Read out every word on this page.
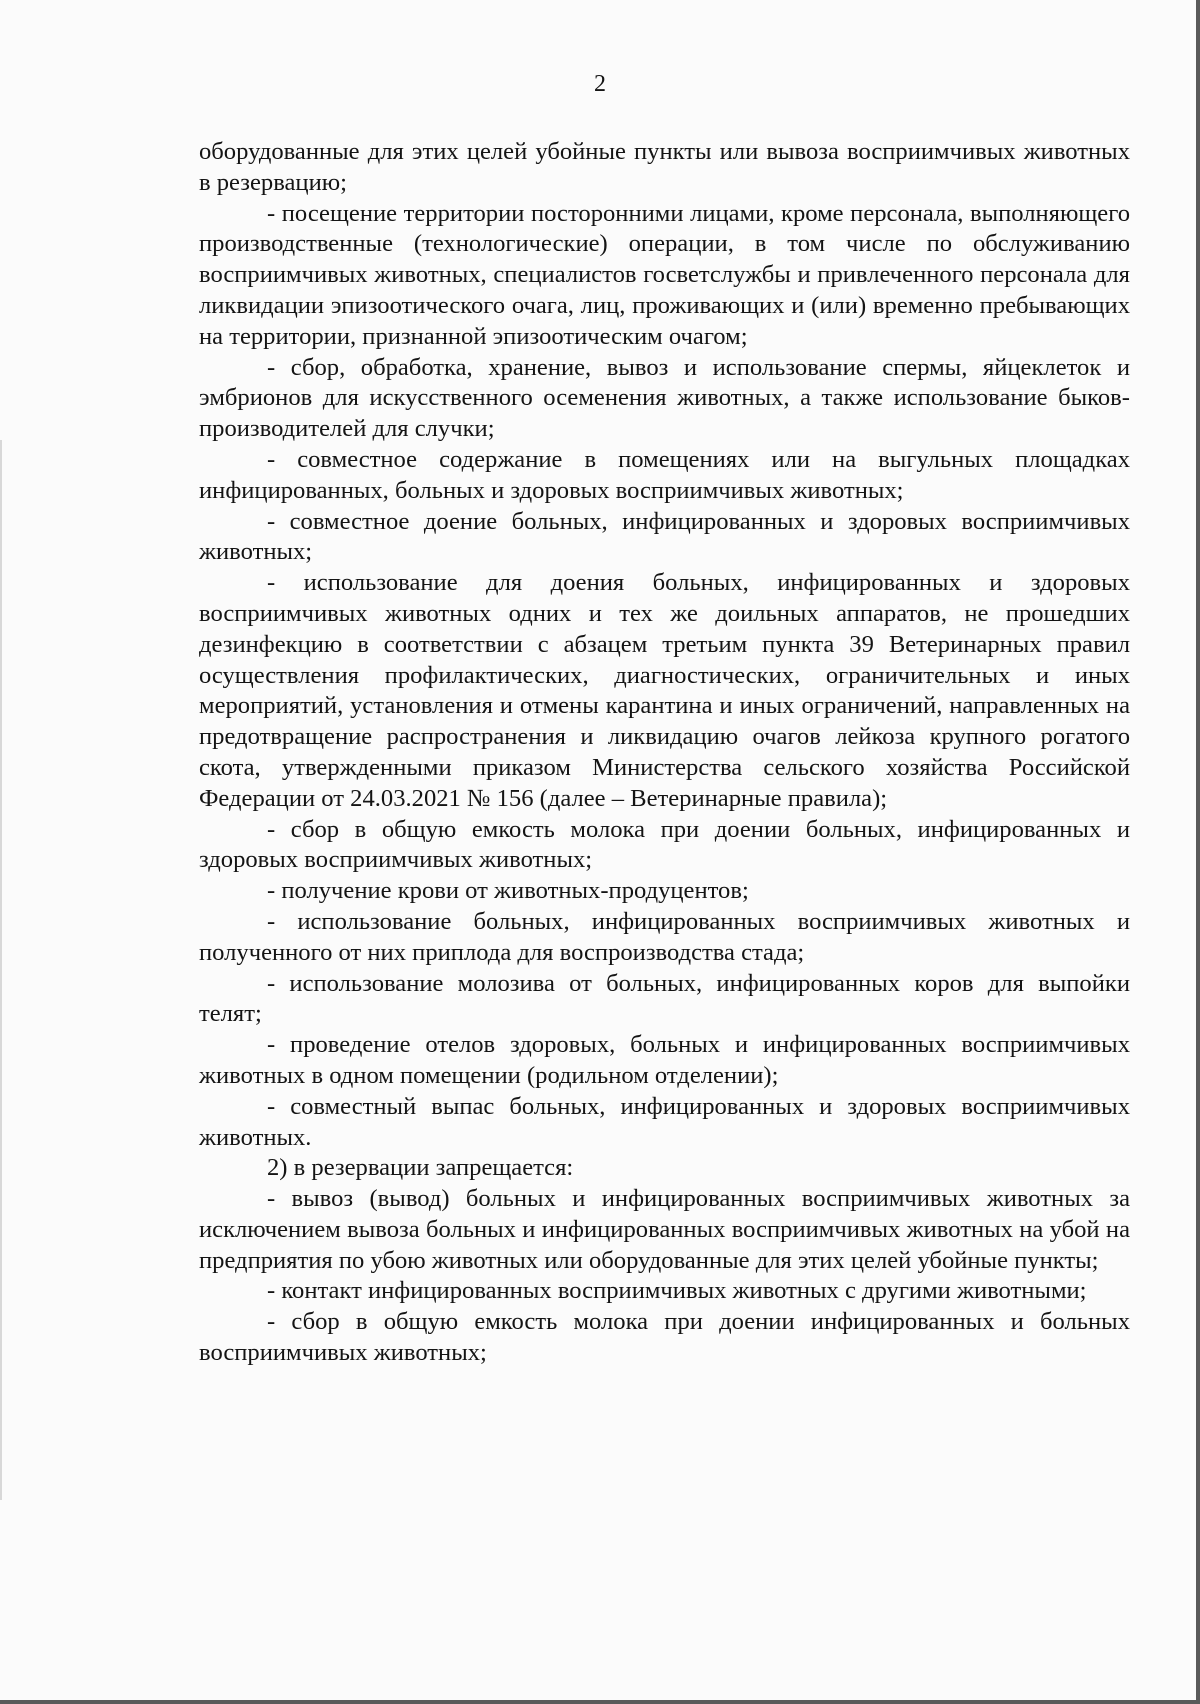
2

оборудованные для этих целей убойные пункты или вывоза восприимчивых животных в резервацию;

- посещение территории посторонними лицами, кроме персонала, выполняющего производственные (технологические) операции, в том числе по обслуживанию восприимчивых животных, специалистов госветслужбы и привлеченного персонала для ликвидации эпизоотического очага, лиц, проживающих и (или) временно пребывающих на территории, признанной эпизоотическим очагом;

- сбор, обработка, хранение, вывоз и использование спермы, яйцеклеток и эмбрионов для искусственного осеменения животных, а также использование быков-производителей для случки;

- совместное содержание в помещениях или на выгульных площадках инфицированных, больных и здоровых восприимчивых животных;

- совместное доение больных, инфицированных и здоровых восприимчивых животных;

- использование для доения больных, инфицированных и здоровых восприимчивых животных одних и тех же доильных аппаратов, не прошедших дезинфекцию в соответствии с абзацем третьим пункта 39 Ветеринарных правил осуществления профилактических, диагностических, ограничительных и иных мероприятий, установления и отмены карантина и иных ограничений, направленных на предотвращение распространения и ликвидацию очагов лейкоза крупного рогатого скота, утвержденными приказом Министерства сельского хозяйства Российской Федерации от 24.03.2021 № 156 (далее – Ветеринарные правила);

- сбор в общую емкость молока при доении больных, инфицированных и здоровых восприимчивых животных;

- получение крови от животных-продуцентов;

- использование больных, инфицированных восприимчивых животных и полученного от них приплода для воспроизводства стада;

- использование молозива от больных, инфицированных коров для выпойки телят;

- проведение отелов здоровых, больных и инфицированных восприимчивых животных в одном помещении (родильном отделении);

- совместный выпас больных, инфицированных и здоровых восприимчивых животных.

2) в резервации запрещается:

- вывоз (вывод) больных и инфицированных восприимчивых животных за исключением вывоза больных и инфицированных восприимчивых животных на убой на предприятия по убою животных или оборудованные для этих целей убойные пункты;

- контакт инфицированных восприимчивых животных с другими животными;

- сбор в общую емкость молока при доении инфицированных и больных восприимчивых животных;
